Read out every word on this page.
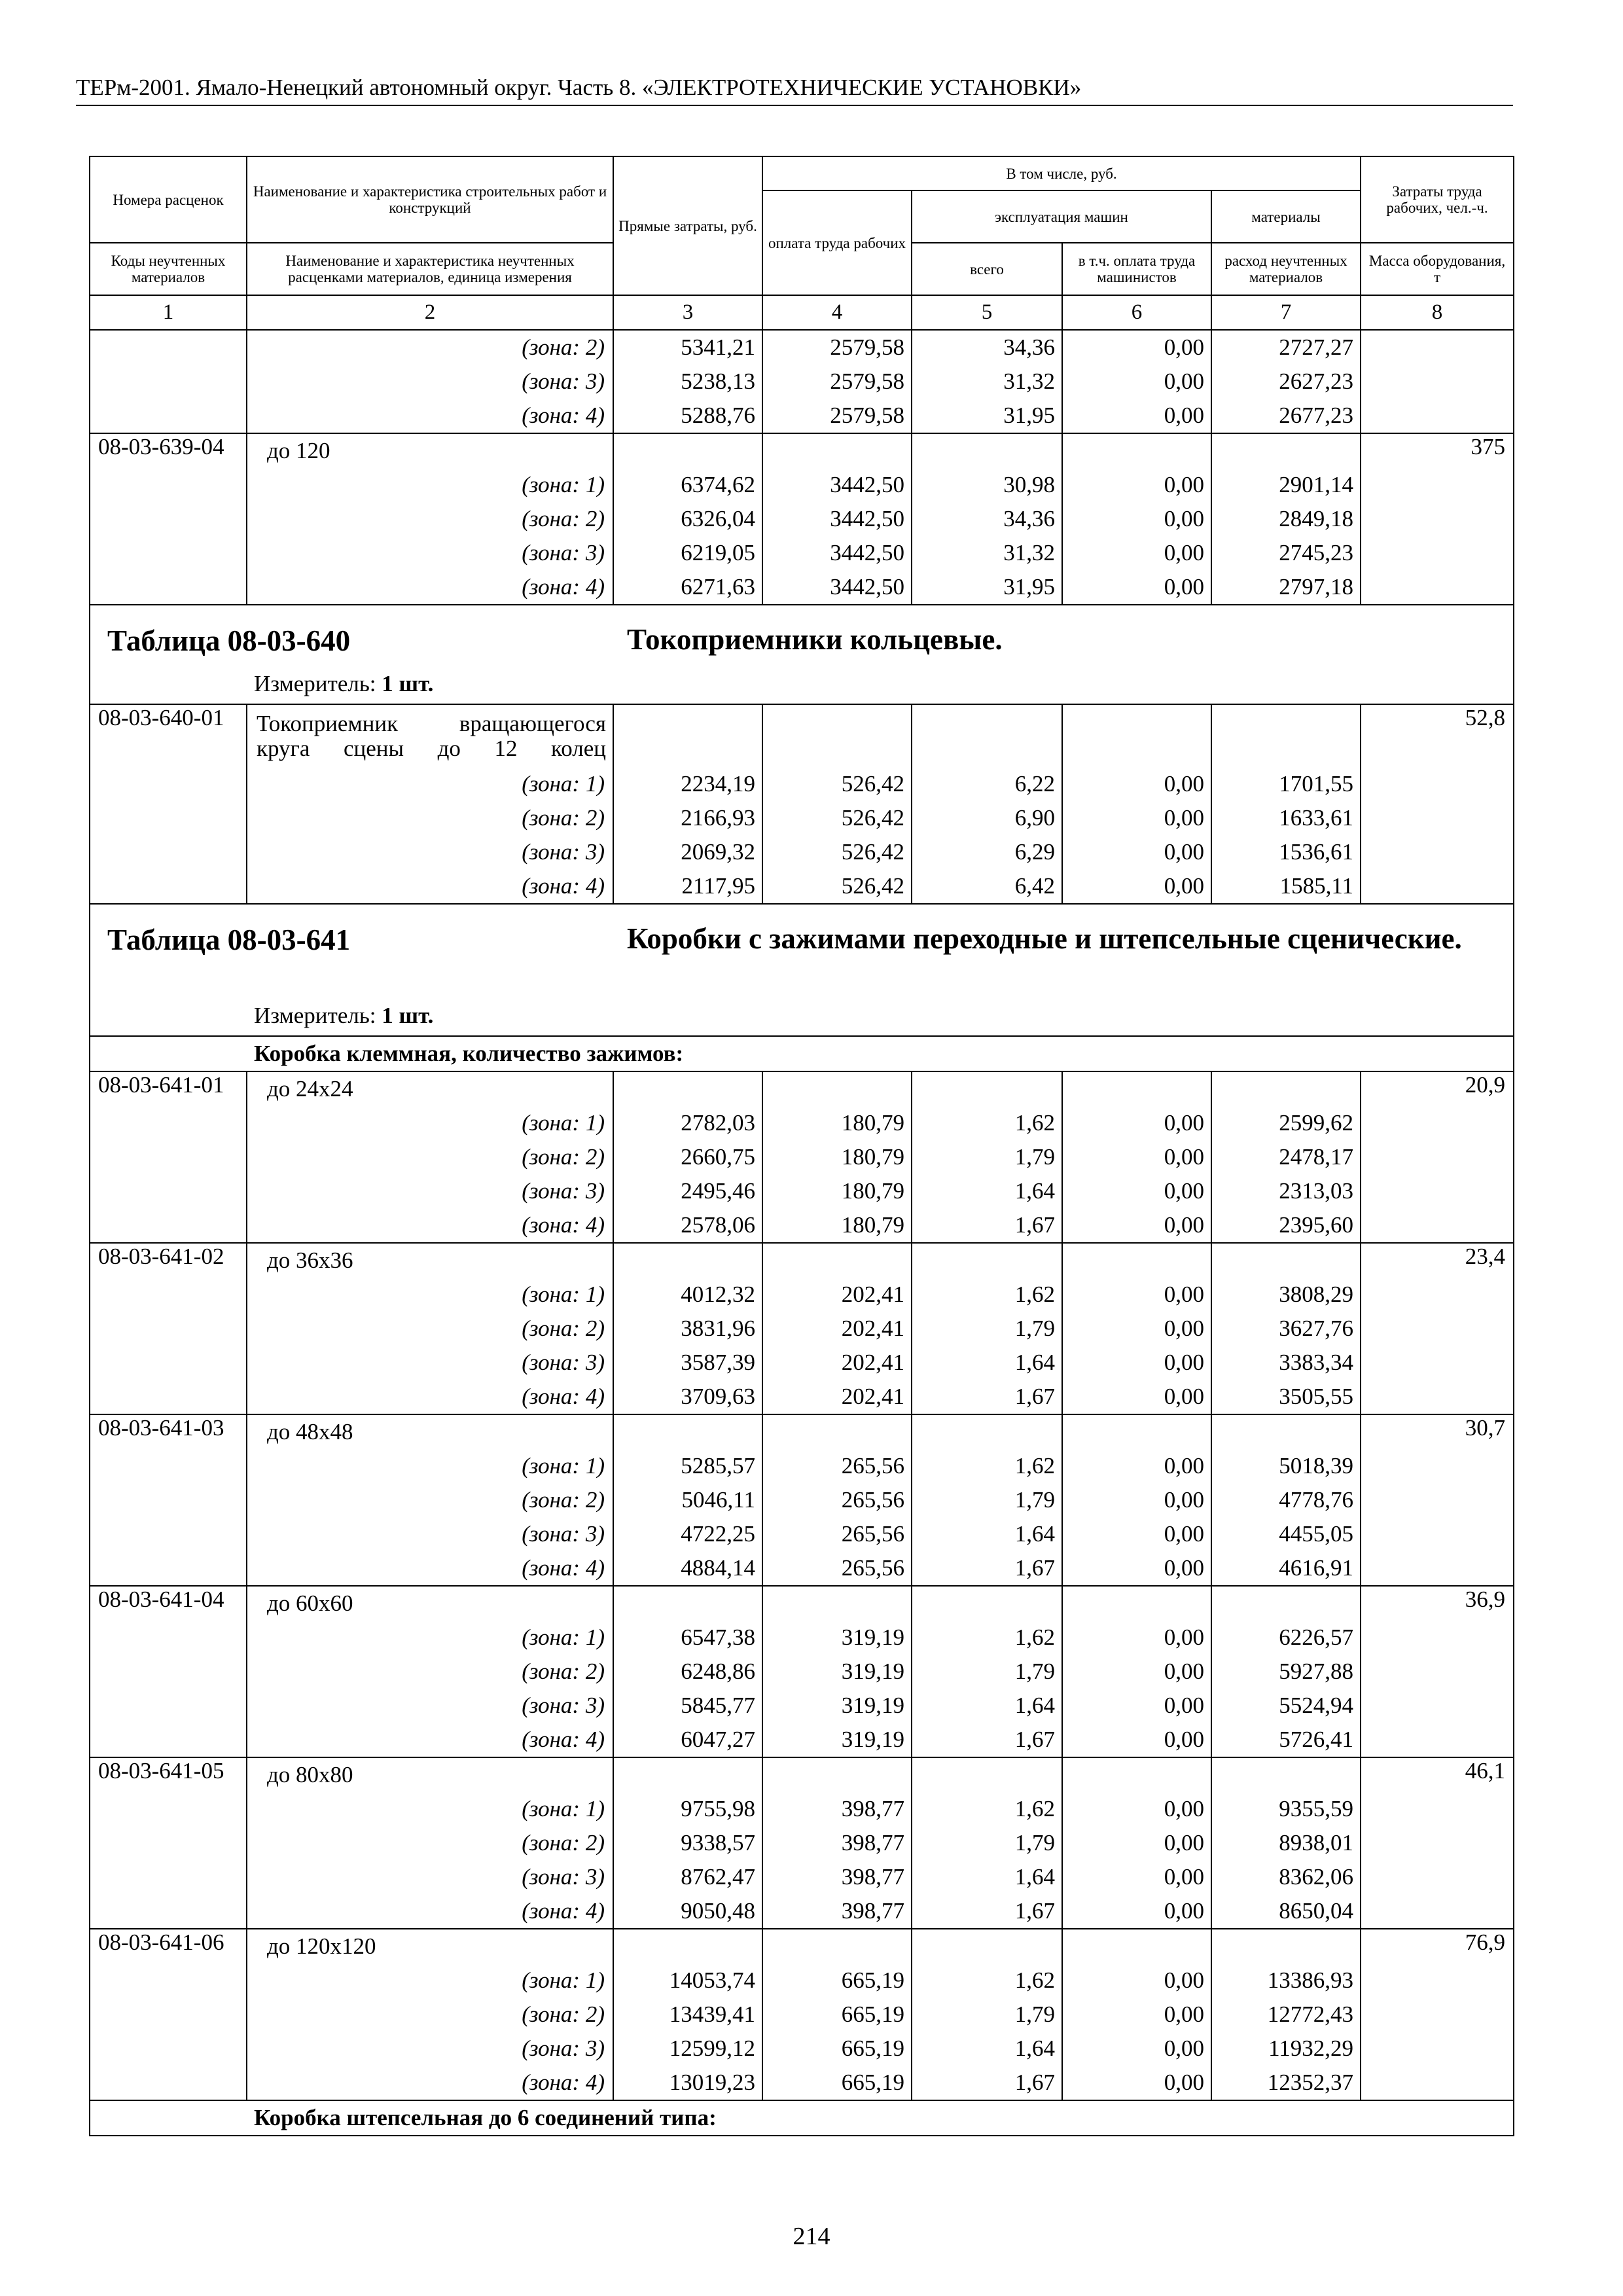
ТЕРм-2001. Ямало-Ненецкий автономный округ. Часть 8. «ЭЛЕКТРОТЕХНИЧЕСКИЕ УСТАНОВКИ»
Номера расценок	Наименование и характеристика строительных работ и конструкций	Прямые затраты, руб.	В том числе, руб.				Затраты труда рабочих, чел.-ч.
			оплата труда рабочих	эксплуатация машин		материалы	
Коды неучтенных материалов	Наименование и характеристика неучтенных расценками материалов, единица измерения			всего	в т.ч. оплата труда машинистов	расход неучтенных материалов	Масса оборудования, т

1	2	3	4	5	6	7	8
	(зона: 2)	5341,21	2579,58	34,36	0,00	2727,27	
	(зона: 3)	5238,13	2579,58	31,32	0,00	2627,23	
	(зона: 4)	5288,76	2579,58	31,95	0,00	2677,23	
08-03-639-04	до 120						375
	(зона: 1)	6374,62	3442,50	30,98	0,00	2901,14	
	(зона: 2)	6326,04	3442,50	34,36	0,00	2849,18	
	(зона: 3)	6219,05	3442,50	31,32	0,00	2745,23	
	(зона: 4)	6271,63	3442,50	31,95	0,00	2797,18	

Таблица 08-03-640 Токоприемники кольцевые.
Измеритель: 1 шт.							

08-03-640-01	Токоприемник вращающегося круга сцены до 12 колец						52,8
	(зона: 1)	2234,19	526,42	6,22	0,00	1701,55	
	(зона: 2)	2166,93	526,42	6,90	0,00	1633,61	
	(зона: 3)	2069,32	526,42	6,29	0,00	1536,61	
	(зона: 4)	2117,95	526,42	6,42	0,00	1585,11	

Таблица 08-03-641 Коробки с зажимами переходные и штепсельные сценические.
Измеритель: 1 шт.							

Коробка клеммная, количество зажимов:							
08-03-641-01	до 24х24						20,9
	(зона: 1)	2782,03	180,79	1,62	0,00	2599,62	
	(зона: 2)	2660,75	180,79	1,79	0,00	2478,17	
	(зона: 3)	2495,46	180,79	1,64	0,00	2313,03	
	(зона: 4)	2578,06	180,79	1,67	0,00	2395,60	
08-03-641-02	до 36х36						23,4
	(зона: 1)	4012,32	202,41	1,62	0,00	3808,29	
	(зона: 2)	3831,96	202,41	1,79	0,00	3627,76	
	(зона: 3)	3587,39	202,41	1,64	0,00	3383,34	
	(зона: 4)	3709,63	202,41	1,67	0,00	3505,55	
08-03-641-03	до 48х48						30,7
	(зона: 1)	5285,57	265,56	1,62	0,00	5018,39	
	(зона: 2)	5046,11	265,56	1,79	0,00	4778,76	
	(зона: 3)	4722,25	265,56	1,64	0,00	4455,05	
	(зона: 4)	4884,14	265,56	1,67	0,00	4616,91	
08-03-641-04	до 60х60						36,9
	(зона: 1)	6547,38	319,19	1,62	0,00	6226,57	
	(зона: 2)	6248,86	319,19	1,79	0,00	5927,88	
	(зона: 3)	5845,77	319,19	1,64	0,00	5524,94	
	(зона: 4)	6047,27	319,19	1,67	0,00	5726,41	
08-03-641-05	до 80х80						46,1
	(зона: 1)	9755,98	398,77	1,62	0,00	9355,59	
	(зона: 2)	9338,57	398,77	1,79	0,00	8938,01	
	(зона: 3)	8762,47	398,77	1,64	0,00	8362,06	
	(зона: 4)	9050,48	398,77	1,67	0,00	8650,04	
08-03-641-06	до 120х120						76,9
	(зона: 1)	14053,74	665,19	1,62	0,00	13386,93	
	(зона: 2)	13439,41	665,19	1,79	0,00	12772,43	
	(зона: 3)	12599,12	665,19	1,64	0,00	11932,29	
	(зона: 4)	13019,23	665,19	1,67	0,00	12352,37	
Коробка штепсельная до 6 соединений типа:							
214
